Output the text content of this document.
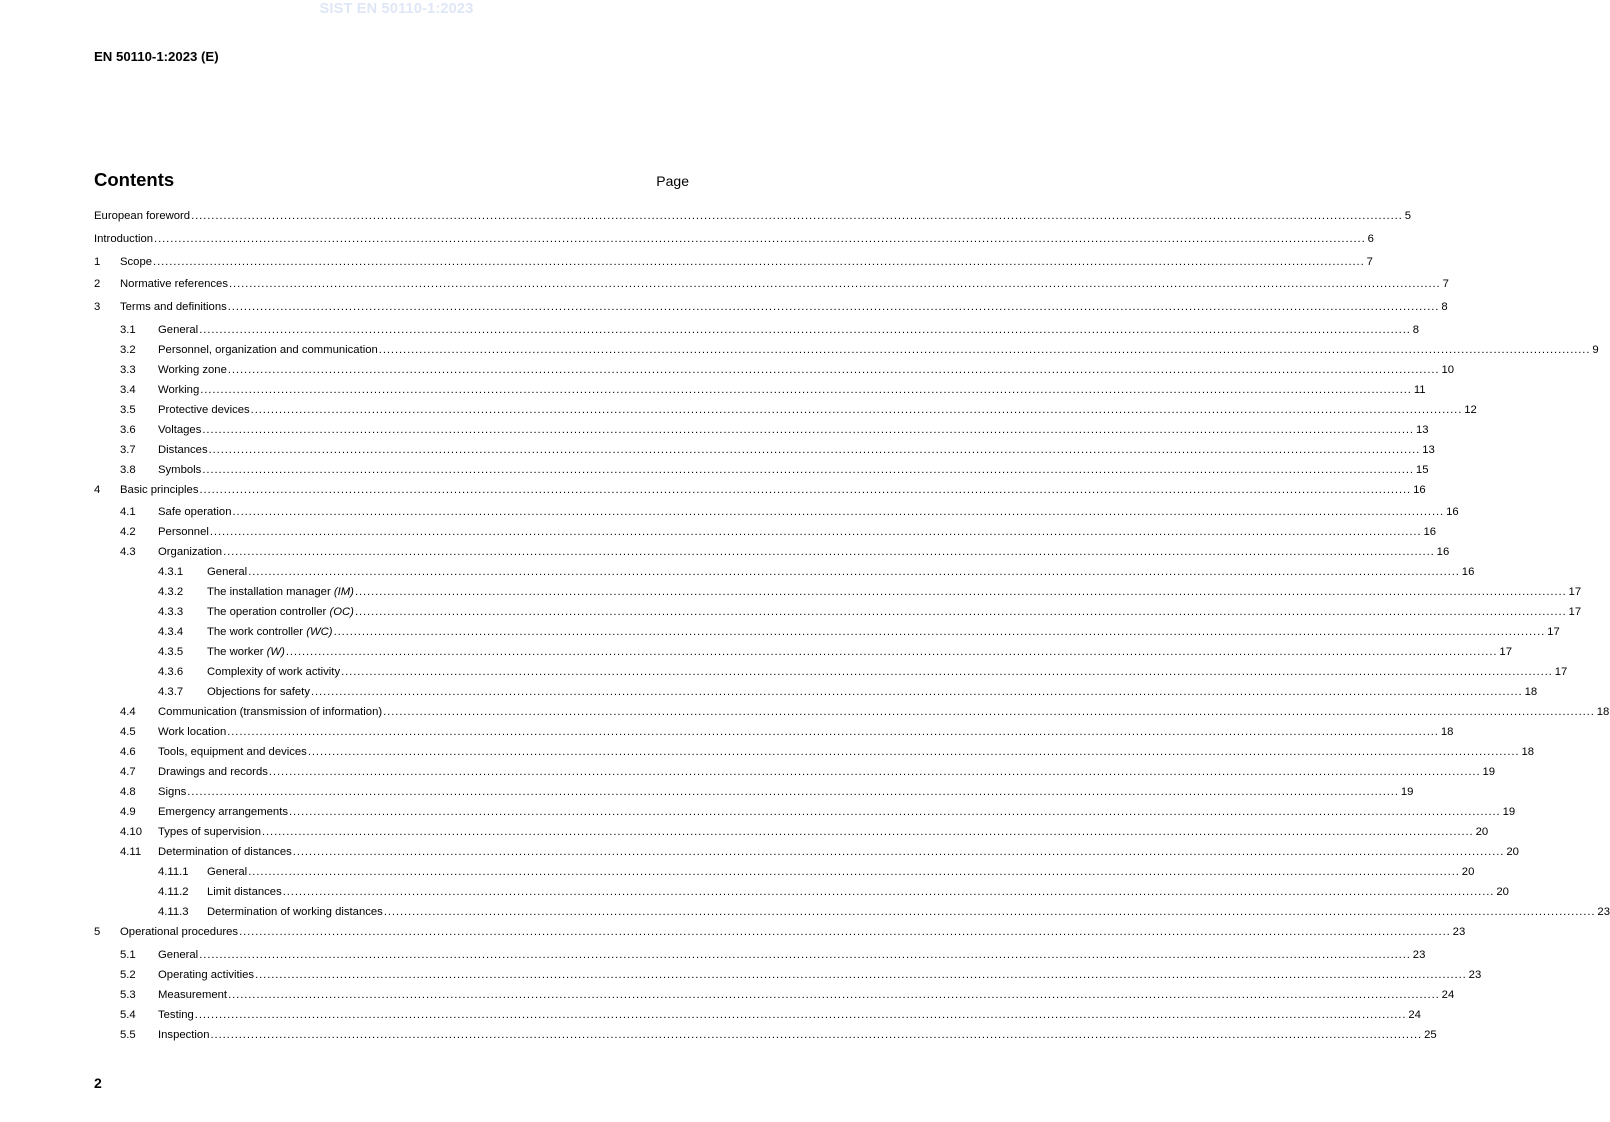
SIST EN 50110-1:2023
EN 50110-1:2023 (E)
Contents	Page
European foreword ............................................................................................................................................................................................................................................................................................................ 5
Introduction ............................................................................................................................................................................................................................................................................................................ 6
1	Scope ............................................................................................................................................................................................................................................................................................................ 7
2	Normative references ............................................................................................................................................................................................................................................................................................................ 7
3	Terms and definitions ............................................................................................................................................................................................................................................................................................................ 8
3.1	General ............................................................................................................................................................................................................................................................................................................ 8
3.2	Personnel, organization and communication ............................................................................................................................................................................................................................................................................................................ 9
3.3	Working zone ............................................................................................................................................................................................................................................................................................................ 10
3.4	Working ............................................................................................................................................................................................................................................................................................................ 11
3.5	Protective devices ............................................................................................................................................................................................................................................................................................................ 12
3.6	Voltages ............................................................................................................................................................................................................................................................................................................ 13
3.7	Distances ............................................................................................................................................................................................................................................................................................................ 13
3.8	Symbols ............................................................................................................................................................................................................................................................................................................ 15
4	Basic principles ............................................................................................................................................................................................................................................................................................................ 16
4.1	Safe operation ............................................................................................................................................................................................................................................................................................................ 16
4.2	Personnel ............................................................................................................................................................................................................................................................................................................ 16
4.3	Organization ............................................................................................................................................................................................................................................................................................................ 16
4.3.1	General ............................................................................................................................................................................................................................................................................................................ 16
4.3.2	The installation manager (IM) ............................................................................................................................................................................................................................................................................................................ 17
4.3.3	The operation controller (OC) ............................................................................................................................................................................................................................................................................................................ 17
4.3.4	The work controller (WC) ............................................................................................................................................................................................................................................................................................................ 17
4.3.5	The worker (W) ............................................................................................................................................................................................................................................................................................................ 17
4.3.6	Complexity of work activity ............................................................................................................................................................................................................................................................................................................ 17
4.3.7	Objections for safety ............................................................................................................................................................................................................................................................................................................ 18
4.4	Communication (transmission of information) ............................................................................................................................................................................................................................................................................................................ 18
4.5	Work location ............................................................................................................................................................................................................................................................................................................ 18
4.6	Tools, equipment and devices ............................................................................................................................................................................................................................................................................................................ 18
4.7	Drawings and records ............................................................................................................................................................................................................................................................................................................ 19
4.8	Signs ............................................................................................................................................................................................................................................................................................................ 19
4.9	Emergency arrangements ............................................................................................................................................................................................................................................................................................................ 19
4.10	Types of supervision ............................................................................................................................................................................................................................................................................................................ 20
4.11	Determination of distances ............................................................................................................................................................................................................................................................................................................ 20
4.11.1	General ............................................................................................................................................................................................................................................................................................................ 20
4.11.2	Limit distances ............................................................................................................................................................................................................................................................................................................ 20
4.11.3	Determination of working distances ............................................................................................................................................................................................................................................................................................................ 23
5	Operational procedures ............................................................................................................................................................................................................................................................................................................ 23
5.1	General ............................................................................................................................................................................................................................................................................................................ 23
5.2	Operating activities ............................................................................................................................................................................................................................................................................................................ 23
5.3	Measurement ............................................................................................................................................................................................................................................................................................................ 24
5.4	Testing ............................................................................................................................................................................................................................................................................................................ 24
5.5	Inspection ............................................................................................................................................................................................................................................................................................................ 25
2
